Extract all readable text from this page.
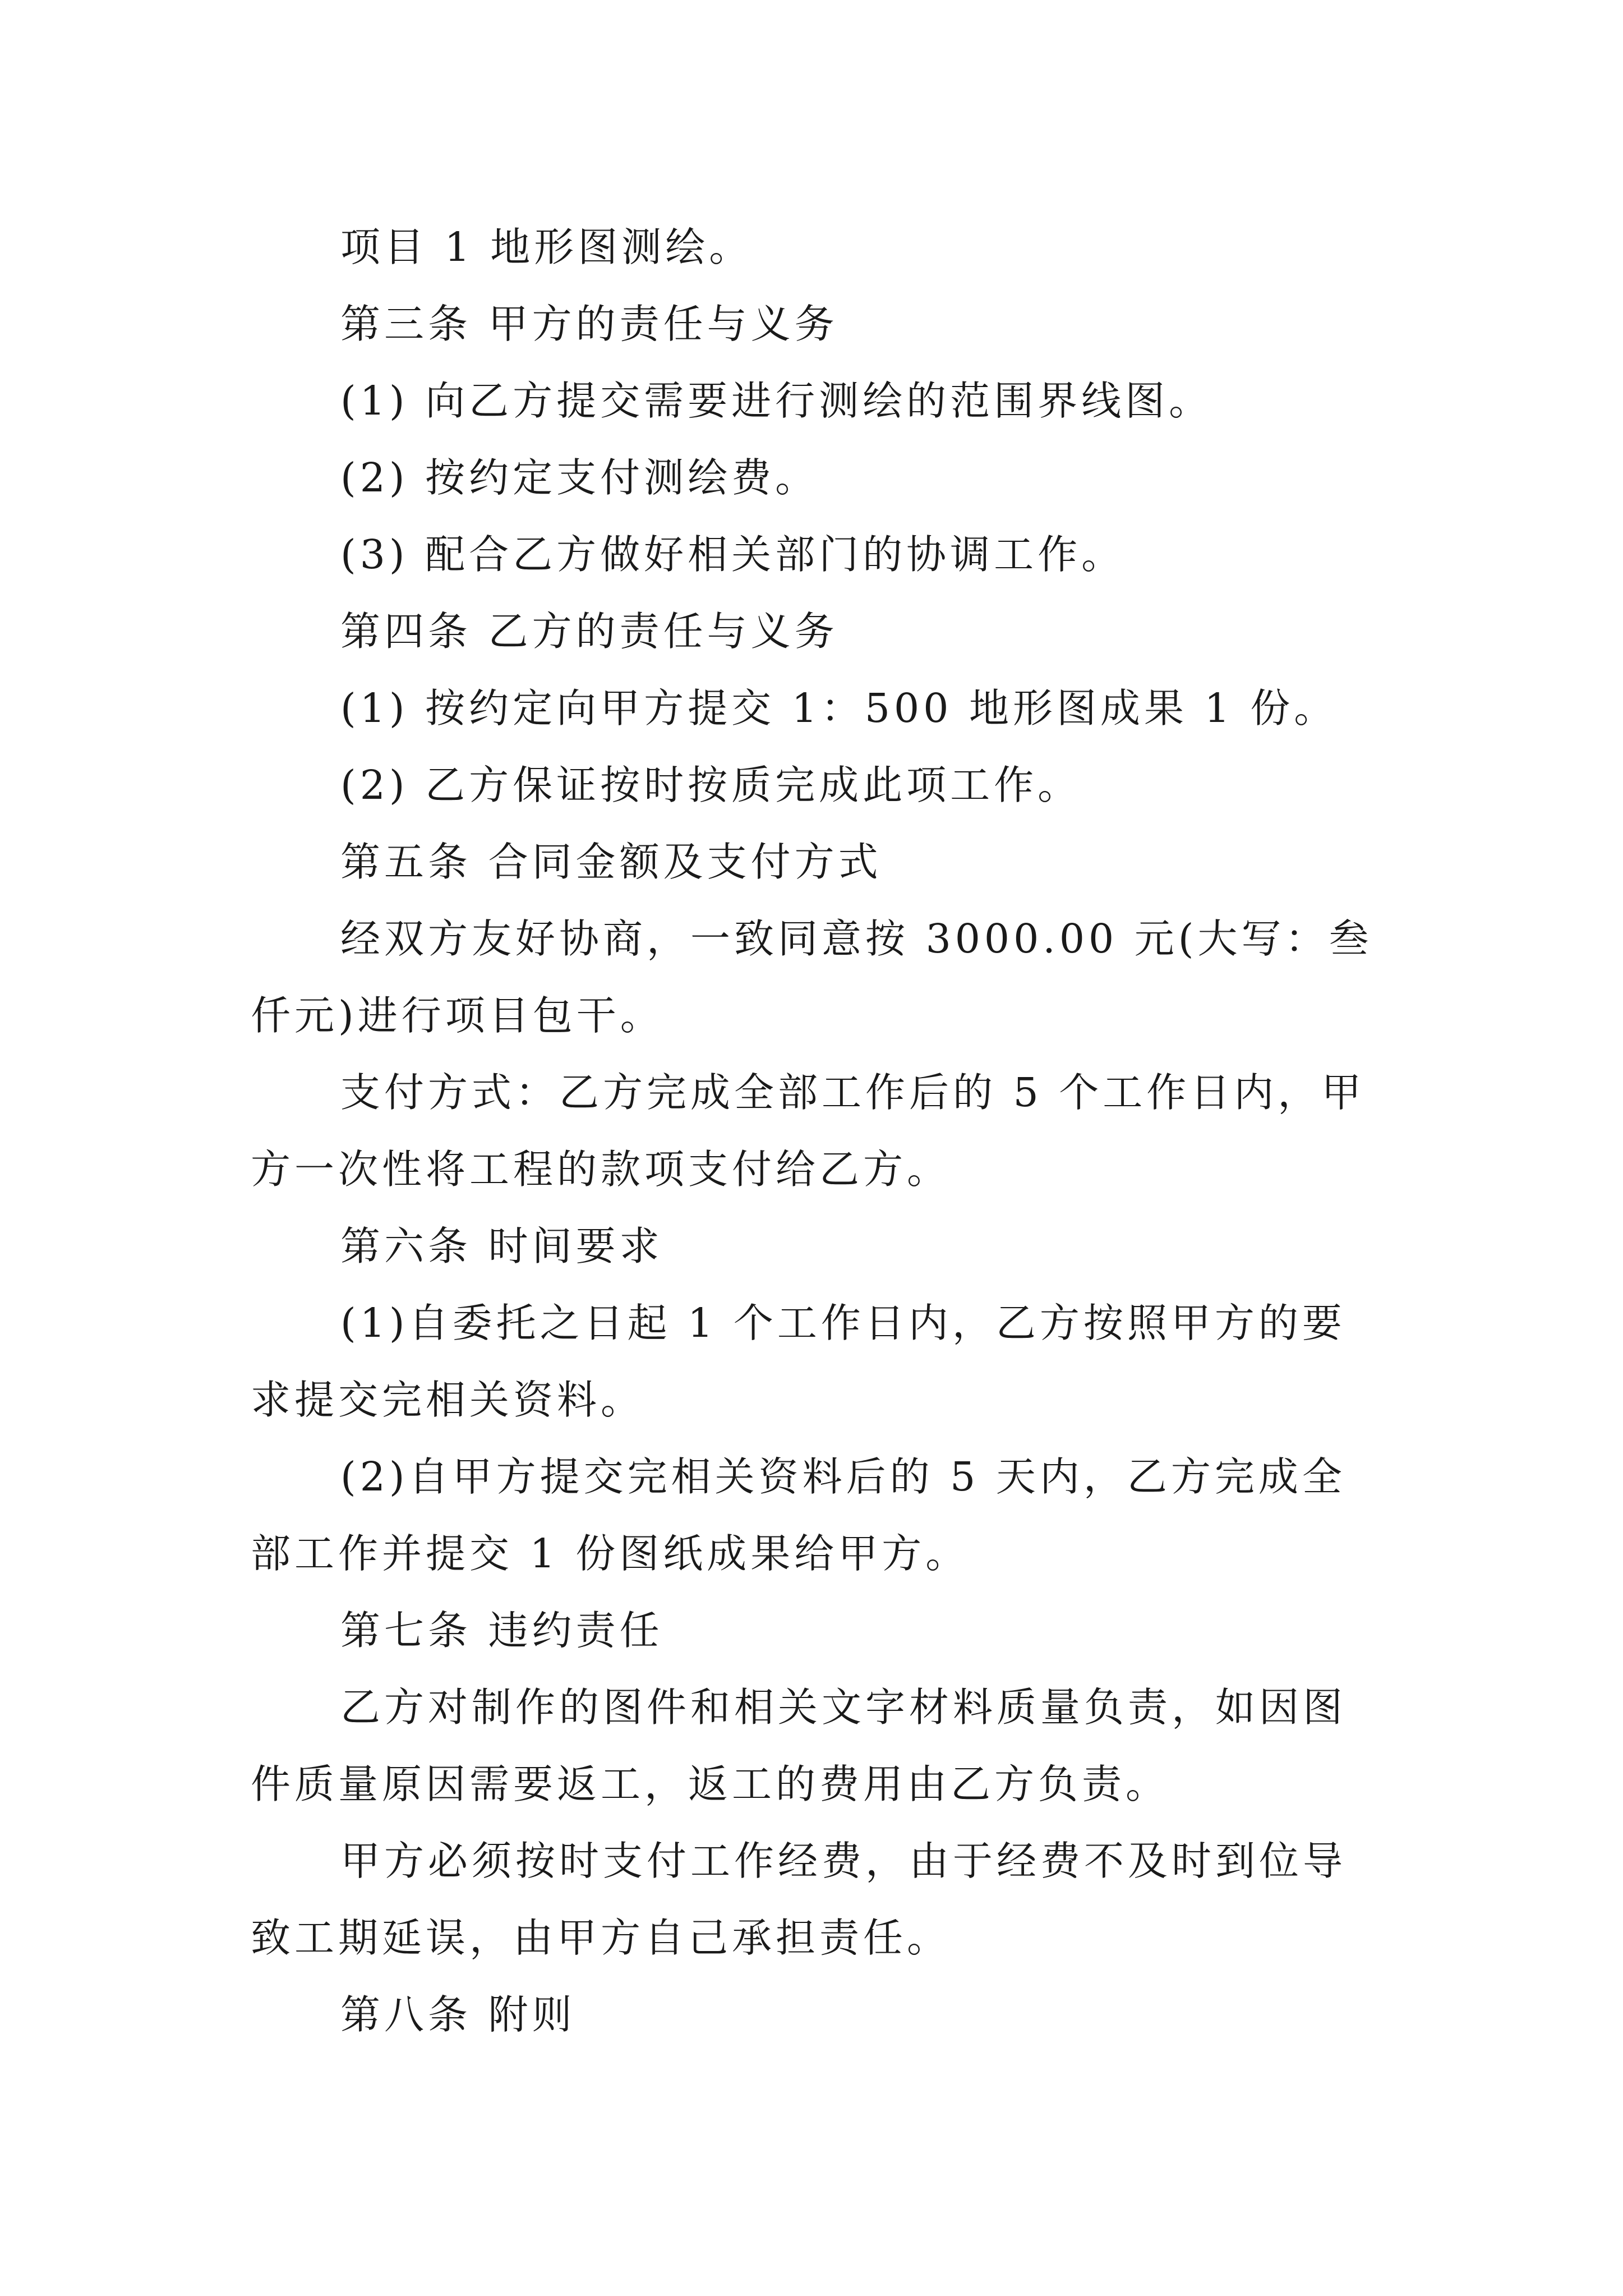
项目 1 地形图测绘。

第三条 甲方的责任与义务

(1) 向乙方提交需要进行测绘的范围界线图。

(2) 按约定支付测绘费。

(3) 配合乙方做好相关部门的协调工作。

第四条 乙方的责任与义务

(1) 按约定向甲方提交 1：500 地形图成果 1 份。

(2) 乙方保证按时按质完成此项工作。

第五条 合同金额及支付方式

经双方友好协商，一致同意按 3000.00 元(大写：叁仟元)进行项目包干。

支付方式：乙方完成全部工作后的 5 个工作日内，甲方一次性将工程的款项支付给乙方。

第六条 时间要求

(1)自委托之日起 1 个工作日内，乙方按照甲方的要求提交完相关资料。

(2)自甲方提交完相关资料后的 5 天内，乙方完成全部工作并提交 1 份图纸成果给甲方。

第七条 违约责任

乙方对制作的图件和相关文字材料质量负责，如因图件质量原因需要返工，返工的费用由乙方负责。

甲方必须按时支付工作经费，由于经费不及时到位导致工期延误，由甲方自己承担责任。

第八条 附则
